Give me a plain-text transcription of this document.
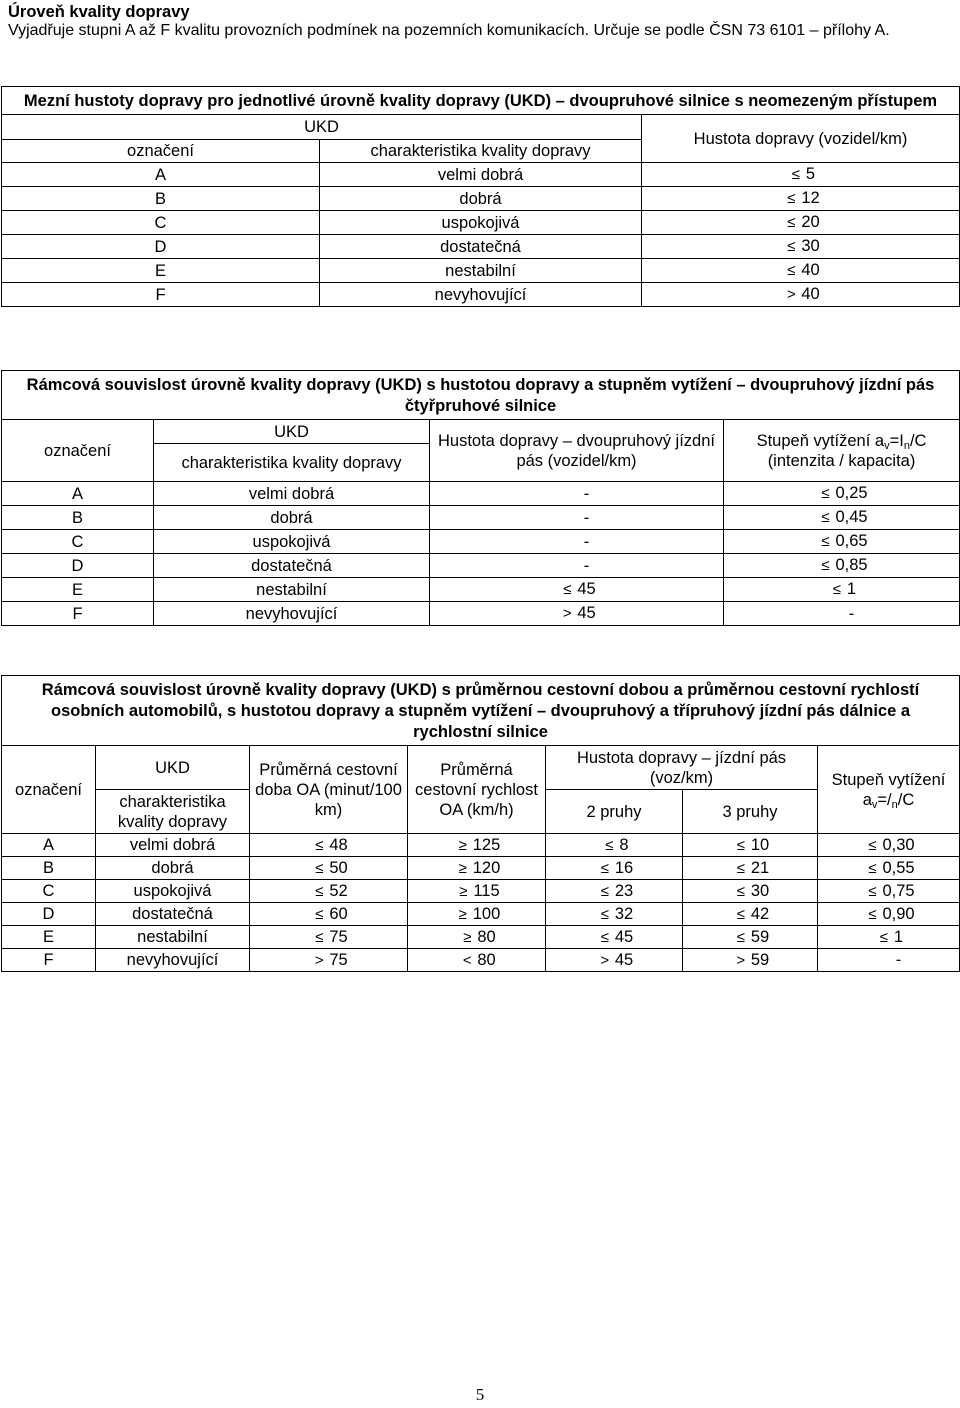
Úroveň kvality dopravy
Vyjadřuje stupni A až F kvalitu provozních podmínek na pozemních komunikacích. Určuje se podle ČSN 73 6101 – přílohy A.
Mezní hustoty dopravy pro jednotlivé úrovně kvality dopravy (UKD) – dvoupruhové silnice s neomezeným přístupem		
UKD		Hustota dopravy (vozidel/km)
označení	charakteristika kvality dopravy	
A	velmi dobrá	≤ 5
B	dobrá	≤ 12
C	uspokojivá	≤ 20
D	dostatečná	≤ 30
E	nestabilní	≤ 40
F	nevyhovující	> 40
Rámcová souvislost úrovně kvality dopravy (UKD) s hustotou dopravy a stupněm vytížení – dvoupruhový jízdní pás čtyřpruhové silnice			
označení	UKD	Hustota dopravy – dvoupruhový jízdní pás (vozidel/km)	Stupeň vytížení $a_v=I_n/C$
(intenzita / kapacita)
	charakteristika kvality dopravy		
A	velmi dobrá	-	≤ 0,25
B	dobrá	-	≤ 0,45
C	uspokojivá	-	≤ 0,65
D	dostatečná	-	≤ 0,85
E	nestabilní	≤ 45	≤ 1
F	nevyhovující	> 45	-
Rámcová souvislost úrovně kvality dopravy (UKD) s průměrnou cestovní dobou a průměrnou cestovní rychlostí osobních automobilů, s hustotou dopravy a stupněm vytížení – dvoupruhový a třípruhový jízdní pás dálnice a rychlostní silnice						
označení	UKD	Průměrná cestovní doba OA (minut/100 km)	Průměrná cestovní rychlost OA (km/h)	Hustota dopravy – jízdní pás (voz/km)		Stupeň vytížení $a_v=/_n/C$
	charakteristika kvality dopravy			2 pruhy	3 pruhy	
A	velmi dobrá	≤ 48	≥ 125	≤ 8	≤ 10	≤ 0,30
B	dobrá	≤ 50	≥ 120	≤ 16	≤ 21	≤ 0,55
C	uspokojivá	≤ 52	≥ 115	≤ 23	≤ 30	≤ 0,75
D	dostatečná	≤ 60	≥ 100	≤ 32	≤ 42	≤ 0,90
E	nestabilní	≤ 75	≥ 80	≤ 45	≤ 59	≤ 1
F	nevyhovující	> 75	< 80	> 45	> 59	-
5
